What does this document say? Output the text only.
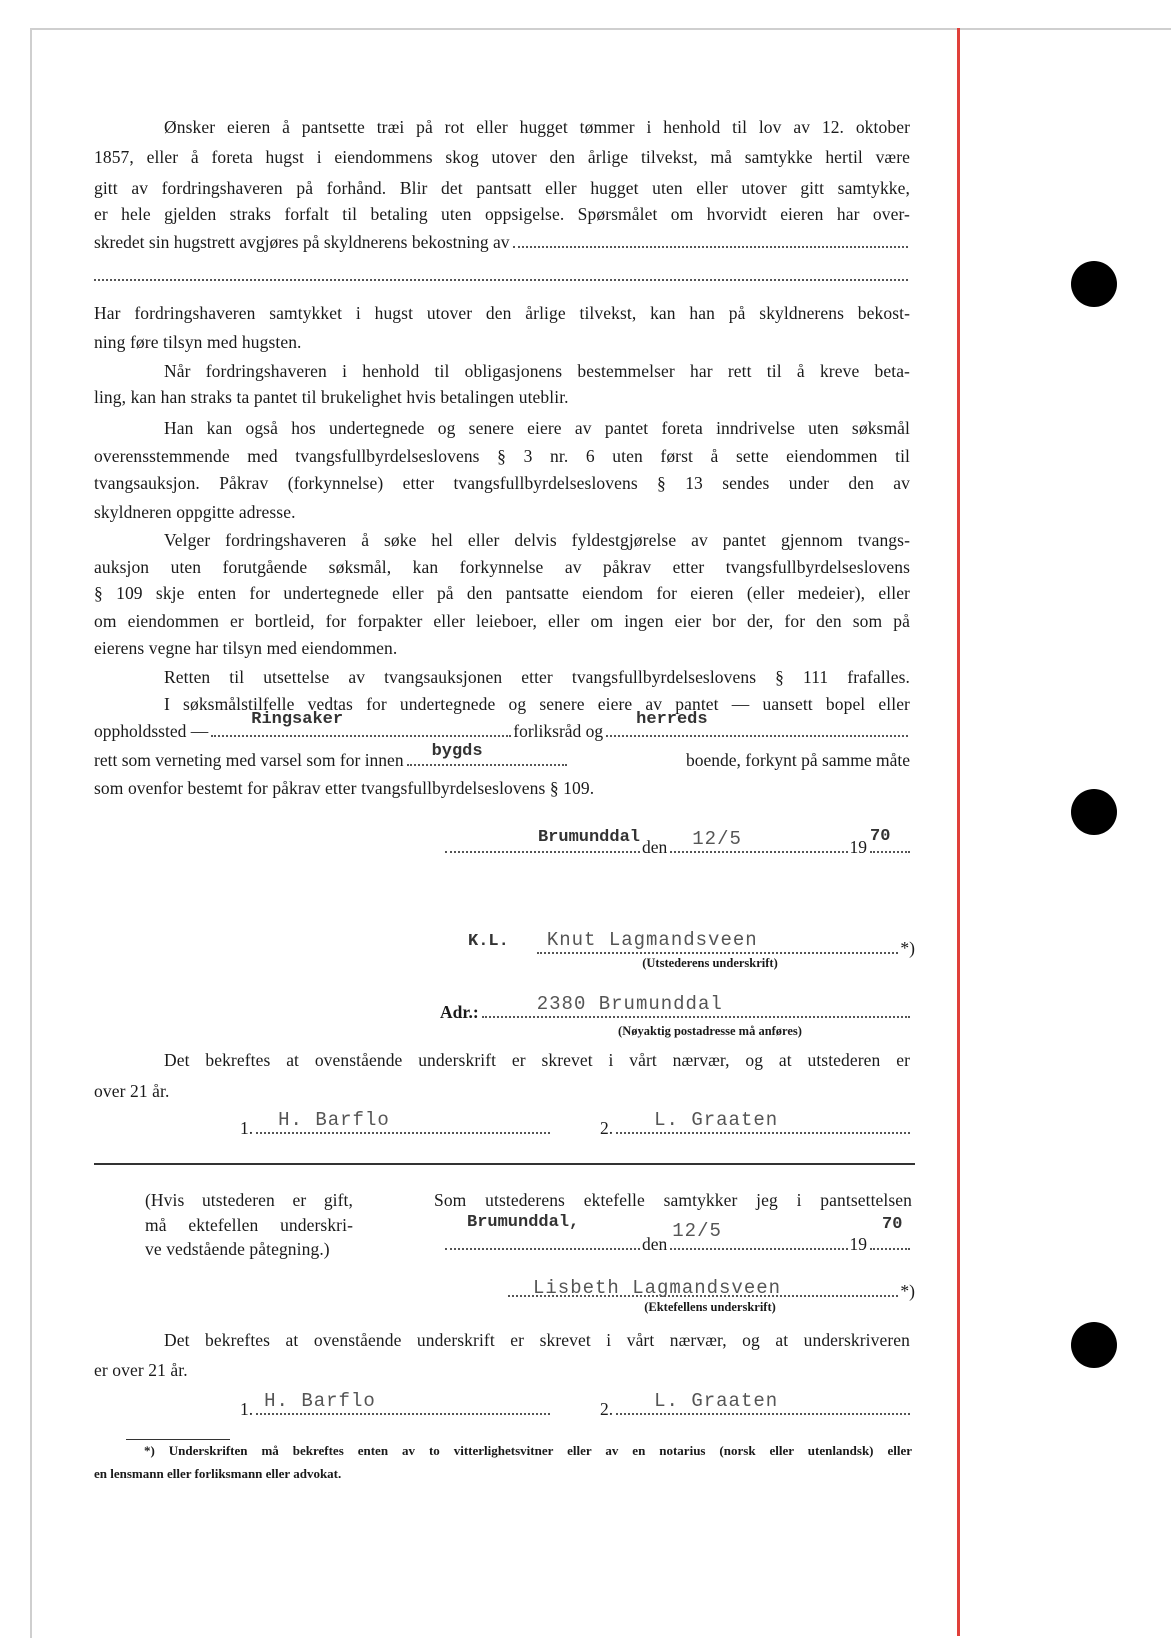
Ønsker eieren å pantsette træi på rot eller hugget tømmer i henhold til lov av 12. oktober
1857, eller å foreta hugst i eiendommens skog utover den årlige tilvekst, må samtykke hertil være
gitt av fordringshaveren på forhånd. Blir det pantsatt eller hugget uten eller utover gitt samtykke,
er hele gjelden straks forfalt til betaling uten oppsigelse. Spørsmålet om hvorvidt eieren har over-
Har fordringshaveren samtykket i hugst utover den årlige tilvekst, kan han på skyldnerens bekost-
ning føre tilsyn med hugsten.
Når fordringshaveren i henhold til obligasjonens bestemmelser har rett til å kreve beta-
ling, kan han straks ta pantet til brukelighet hvis betalingen uteblir.
Han kan også hos undertegnede og senere eiere av pantet foreta inndrivelse uten søksmål
overensstemmende med tvangsfullbyrdelseslovens § 3 nr. 6 uten først å sette eiendommen til
tvangsauksjon. Påkrav (forkynnelse) etter tvangsfullbyrdelseslovens § 13 sendes under den av
skyldneren oppgitte adresse.
Velger fordringshaveren å søke hel eller delvis fyldestgjørelse av pantet gjennom tvangs-
auksjon uten forutgående søksmål, kan forkynnelse av påkrav etter tvangsfullbyrdelseslovens
§ 109 skje enten for undertegnede eller på den pantsatte eiendom for eieren (eller medeier), eller
om eiendommen er bortleid, for forpakter eller leieboer, eller om ingen eier bor der, for den som på
eierens vegne har tilsyn med eiendommen.
Retten til utsettelse av tvangsauksjonen etter tvangsfullbyrdelseslovens § 111 frafalles.
I søksmålstilfelle vedtas for undertegnede og senere eiere av pantet — uansett bopel eller
som ovenfor bestemt for påkrav etter tvangsfullbyrdelseslovens § 109.
skredet sin hugstrett avgjøres på skyldnerens bekostning av
oppholdssted —
Ringsaker
forliksråd og
herreds
rett som verneting med varsel som for innen bygds	boende, forkynt på samme måte
Brumunddal den 12/5	19
70
K.L. Knut Lagmandsveen	*)
(Utstederens underskrift)
Adr.:	2380 Brumunddal
(Nøyaktig postadresse må anføres)
Det bekreftes at ovenstående underskrift er skrevet i vårt nærvær, og at utstederen er
over 21 år.
1. H. Barflo	2. L. Graaten
(Hvis utstederen er gift,
må ektefellen underskri-
ve vedstående påtegning.)
Som utstederens ektefelle samtykker jeg i pantsettelsen
Brumunddal,
den
12/5
19
70
Lisbeth Lagmandsveen	*)
(Ektefellens underskrift)
Det bekreftes at ovenstående underskrift er skrevet i vårt nærvær, og at underskriveren
er over 21 år.
1. H. Barflo	2. L. Graaten
*) Underskriften må bekreftes enten av to vitterlighetsvitner eller av en notarius (norsk eller utenlandsk) eller
en lensmann eller forliksmann eller advokat.
